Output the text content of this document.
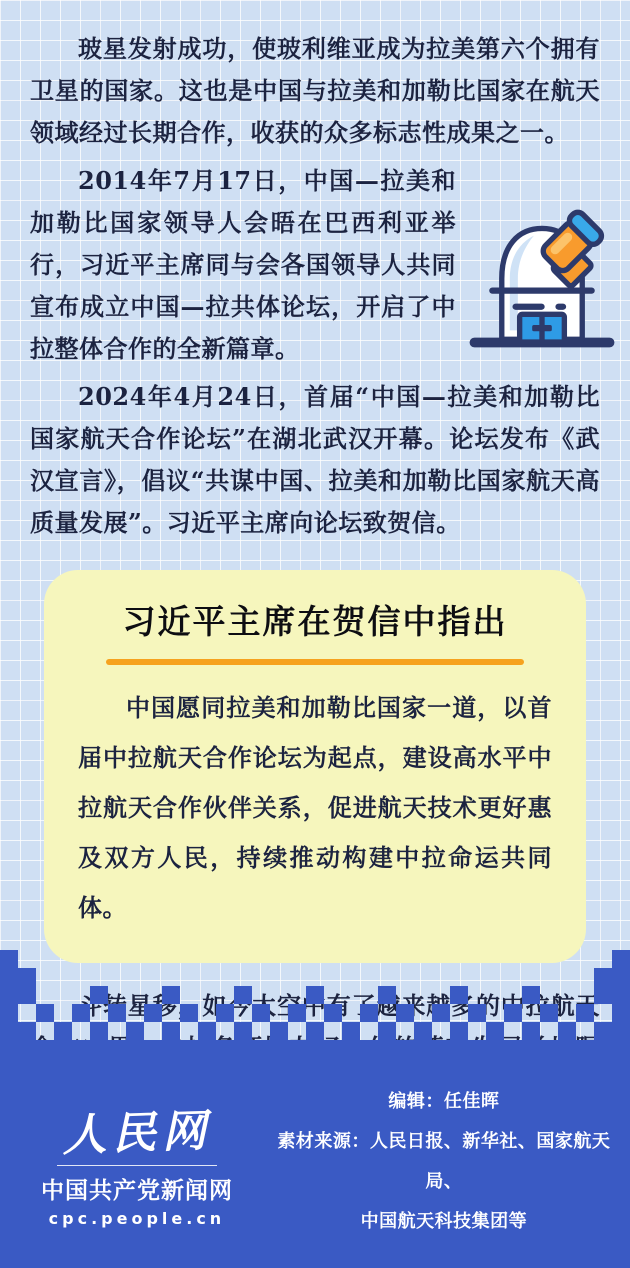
玻星发射成功，使玻利维亚成为拉美第六个拥有卫星的国家。这也是中国与拉美和加勒比国家在航天领域经过长期合作，收获的众多标志性成果之一。

2014年7月17日，中国—拉美和加勒比国家领导人会晤在巴西利亚举行，习近平主席同与会各国领导人共同宣布成立中国—拉共体论坛，开启了中拉整体合作的全新篇章。

2024年4月24日，首届“中国—拉美和加勒比国家航天合作论坛”在湖北武汉开幕。论坛发布《武汉宣言》，倡议“共谋中国、拉美和加勒比国家航天高质量发展”。习近平主席向论坛致贺信。

习近平主席在贺信中指出

中国愿同拉美和加勒比国家一道，以首届中拉航天合作论坛为起点，建设高水平中拉航天合作伙伴关系，促进航天技术更好惠及双方人民，持续推动构建中拉命运共同体。

人民网
中国共产党新闻网
cpc.people.cn
编辑：任佳晖
素材来源：人民日报、新华社、国家航天局、
中国航天科技集团等
